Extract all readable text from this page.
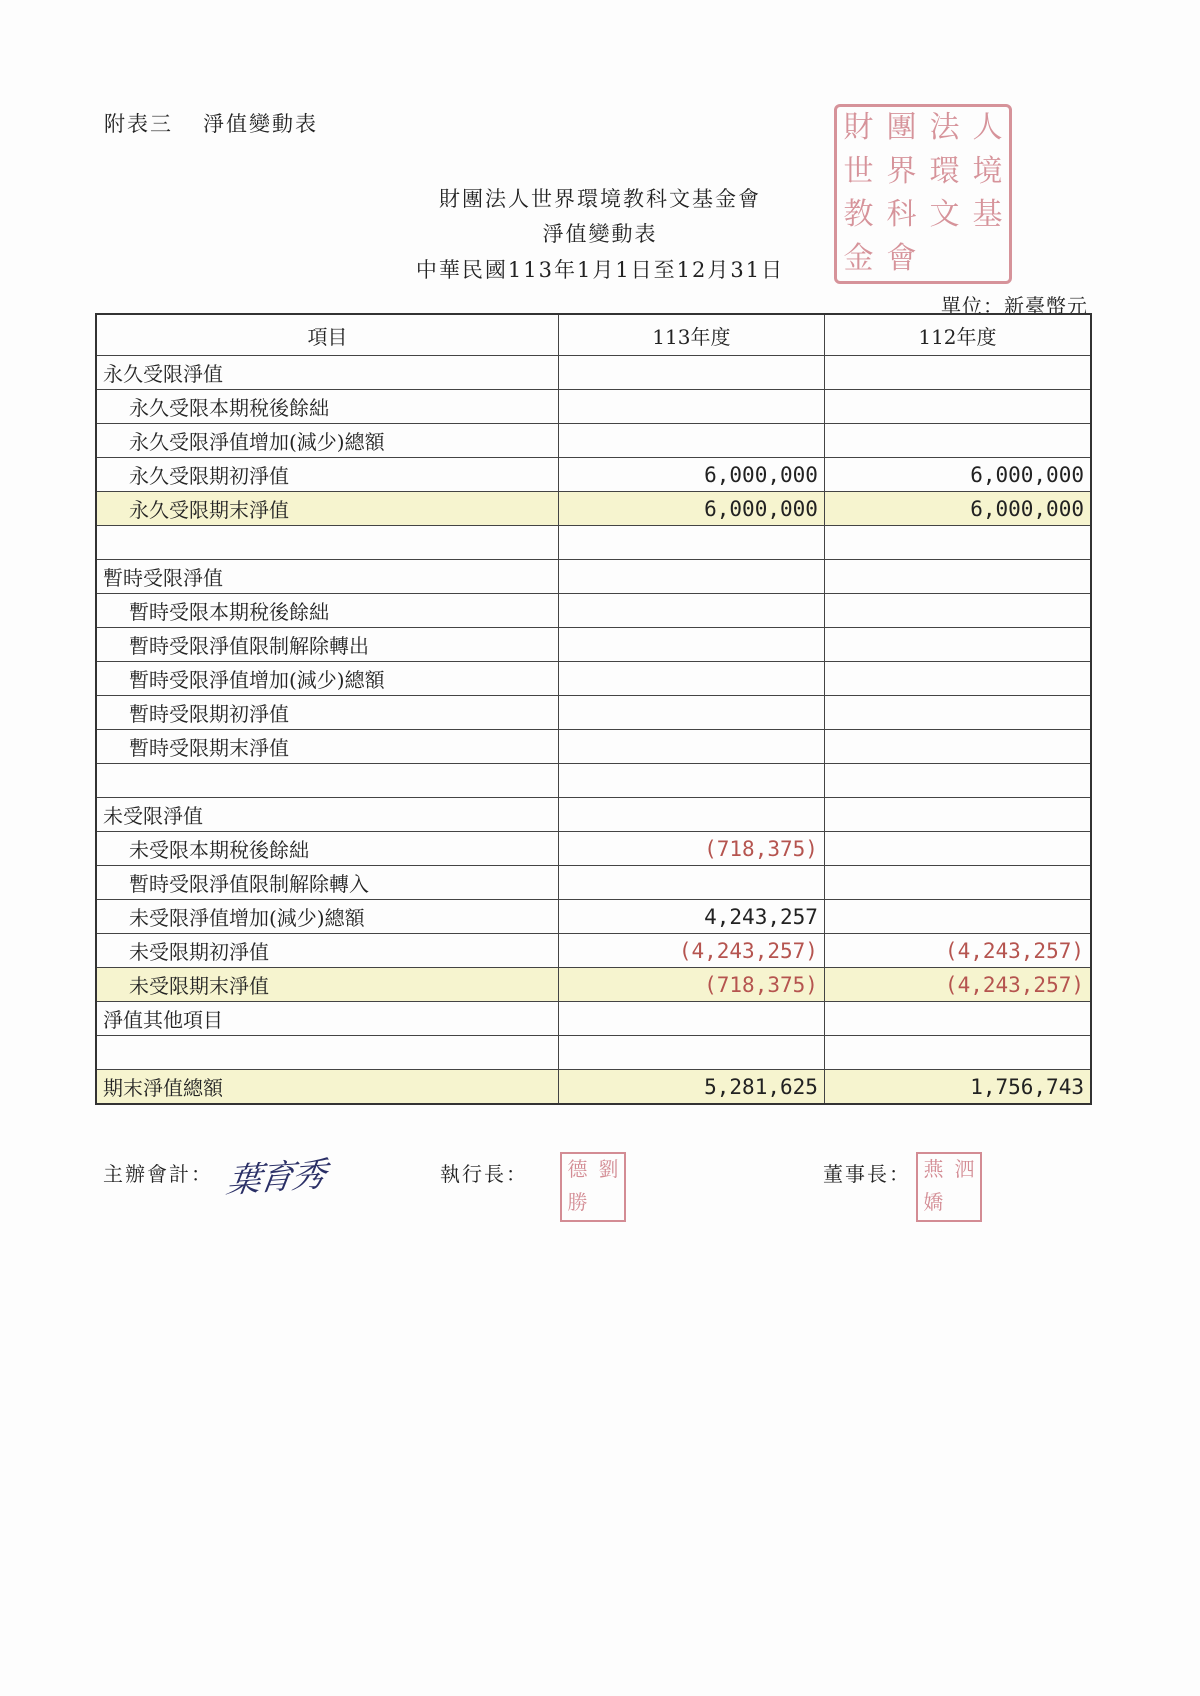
附表三 淨值變動表	財 團 法 人
世 界 環 境
教 科 文 基
金 會
財團法人世界環境教科文基金會
淨值變動表
中華民國113年1月1日至12月31日
單位：新臺幣元
項目	113年度	112年度
永久受限淨值		
永久受限本期稅後餘絀		
永久受限淨值增加(減少)總額		
永久受限期初淨值	6,000,000	6,000,000
永久受限期末淨值	6,000,000	6,000,000

暫時受限淨值		
暫時受限本期稅後餘絀		
暫時受限淨值限制解除轉出		
暫時受限淨值增加(減少)總額		
暫時受限期初淨值		
暫時受限期末淨值		

未受限淨值		
未受限本期稅後餘絀	(718,375)	
暫時受限淨值限制解除轉入		
未受限淨值增加(減少)總額	4,243,257	
未受限期初淨值	(4,243,257)	(4,243,257)
未受限期末淨值	(718,375)	(4,243,257)
淨值其他項目		

期末淨值總額	5,281,625	1,756,743
主辦會計： 葉育秀	執行長： 德 劉
勝
董事長： 燕 泗
嬌
